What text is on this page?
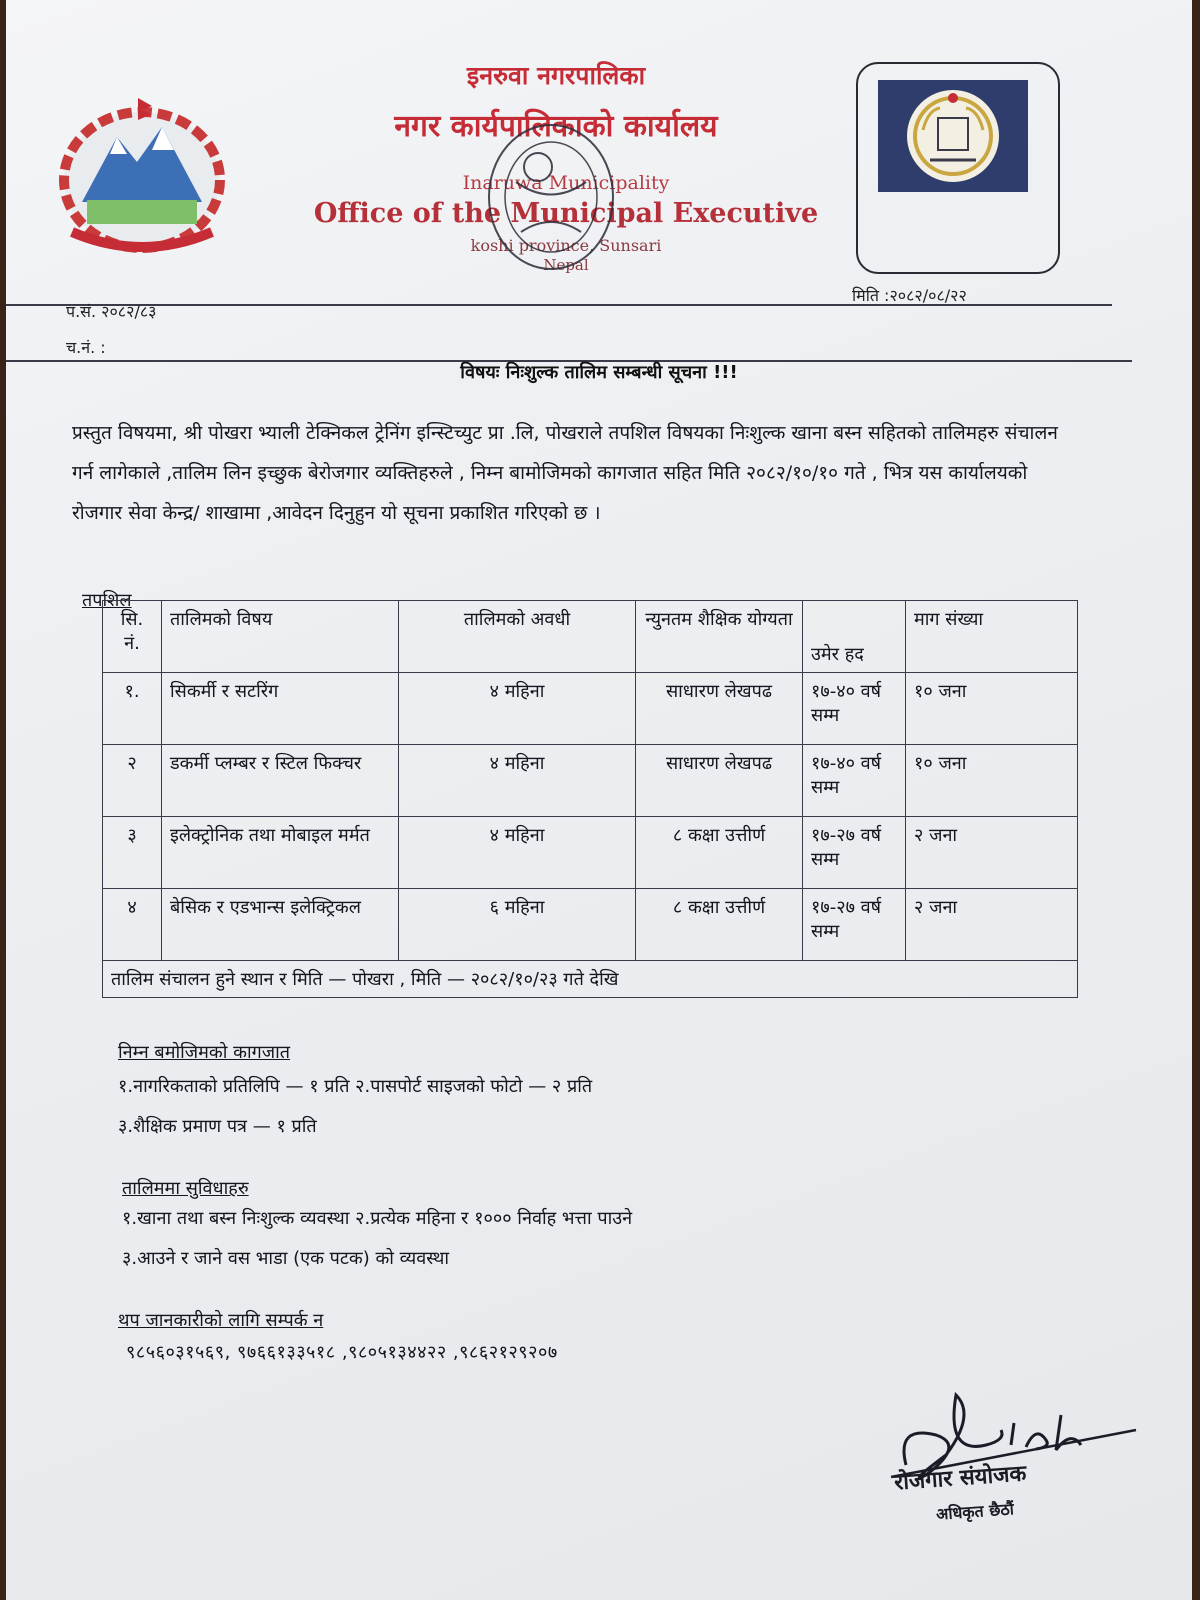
इनरुवा नगरपालिका
नगर कार्यपालिकाको कार्यालय
Inaruwa Municipality
Office of the Municipal Executive
koshi province, Sunsari
Nepal
प.सं. २०८२/८३
मिति :२०८२/०८/२२
च.नं. :
विषयः निःशुल्क तालिम सम्बन्धी सूचना !!!
प्रस्तुत विषयमा, श्री पोखरा भ्याली टेक्निकल ट्रेनिंग इन्स्टिच्युट प्रा .लि, पोखराले तपशिल विषयका निःशुल्क खाना बस्न सहितको तालिमहरु संचालन गर्न लागेकाले ,तालिम लिन इच्छुक बेरोजगार व्यक्तिहरुले , निम्न बामोजिमको कागजात सहित मिति २०८२/१०/१० गते , भित्र यस कार्यालयको रोजगार सेवा केन्द्र/ शाखामा ,आवेदन दिनुहुन यो सूचना प्रकाशित गरिएको छ ।
तपशिल
सि. नं.	तालिमको विषय	तालिमको अवधी	न्युनतम शैक्षिक योग्यता	उमेर हद	माग संख्या
१.	सिकर्मी र सटरिंग	४ महिना	साधारण लेखपढ	१७-४० वर्ष सम्म	१० जना
२	डकर्मी प्लम्बर र स्टिल फिक्चर	४ महिना	साधारण लेखपढ	१७-४० वर्ष सम्म	१० जना
३	इलेक्ट्रोनिक तथा मोबाइल मर्मत	४ महिना	८ कक्षा उत्तीर्ण	१७-२७ वर्ष सम्म	२ जना
४	बेसिक र एडभान्स इलेक्ट्रिकल	६ महिना	८ कक्षा उत्तीर्ण	१७-२७ वर्ष सम्म	२ जना
तालिम संचालन हुने स्थान र मिति — पोखरा , मिति — २०८२/१०/२३ गते देखि					
निम्न बमोजिमको कागजात
१.नागरिकताको प्रतिलिपि — १ प्रति २.पासपोर्ट साइजको फोटो — २ प्रति
३.शैक्षिक प्रमाण पत्र — १ प्रति
तालिममा सुविधाहरु
१.खाना तथा बस्न निःशुल्क व्यवस्था २.प्रत्येक महिना र १००० निर्वाह भत्ता पाउने
३.आउने र जाने वस भाडा (एक पटक) को व्यवस्था
थप जानकारीको लागि सम्पर्क न
९८५६०३१५६९, ९७६६१३३५१८ ,९८०५१३४४२२ ,९८६२१२९२०७
रोजगार संयोजक
अधिकृत छैठौं
